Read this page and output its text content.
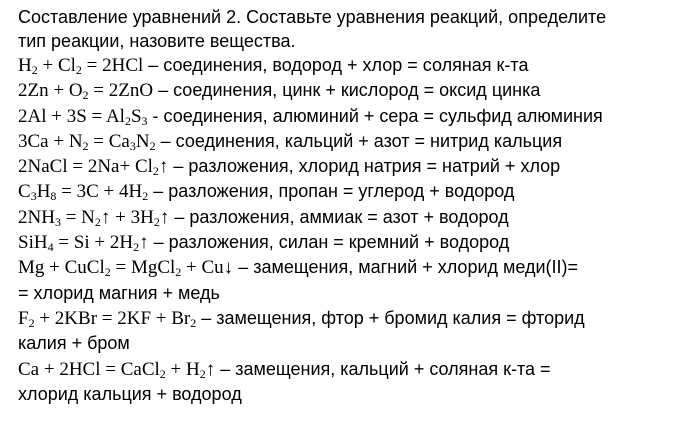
Составление уравнений 2. Составьте уравнения реакций, определите
тип реакции, назовите вещества.
$H_2 + Cl_2 = 2HCl$ – соединения, водород + хлор = соляная к-та
$2Zn + O_2 = 2ZnO$ – соединения, цинк + кислород = оксид цинка
$2Al + 3S = Al_2S_3$ - соединения, алюминий + сера = сульфид алюминия
$3Ca + N_2 = Ca_3N_2$ – соединения, кальций + азот = нитрид кальция
2NaCl = $2Na+ Cl_2↑$ – разложения, хлорид натрия = натрий + хлор
$C_3H_8 = 3C + 4H_2$ – разложения, пропан = углерод + водород
$2NH_3$ = $N_2↑$ + $3H_2↑$ – разложения, аммиак = азот + водород
$SiH_4 = Si + 2H_2↑$ – разложения, силан = кремний + водород
Mg + CuCl$_2$ = MgCl$_2$ + Cu↓ – замещения, магний + хлорид меди(II)=
= хлорид магния + медь
$F_2 + 2KBr = 2KF + Br_2$ – замещения, фтор + бромид калия = фторид
калия + бром
Ca + 2HCl = CaCl$_2$ + $H_2↑$ – замещения, кальций + соляная к-та =
хлорид кальция + водород
